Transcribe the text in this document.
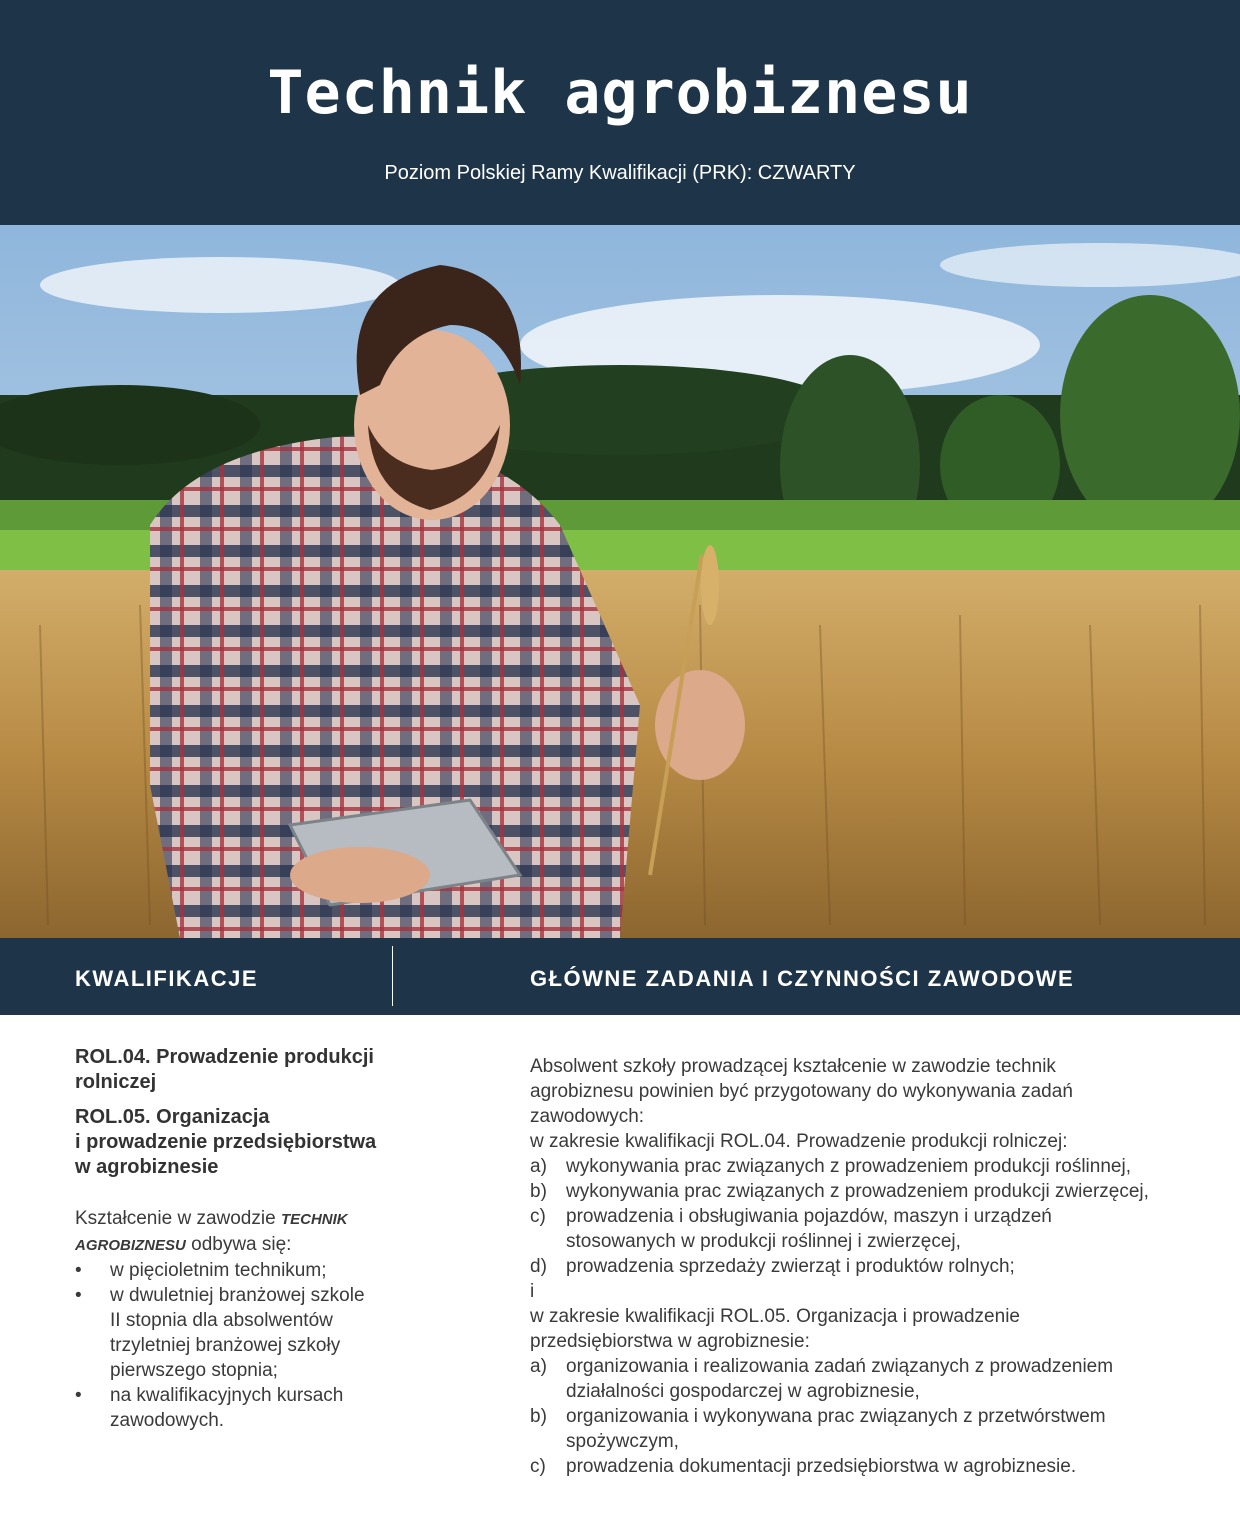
Technik agrobiznesu
Poziom Polskiej Ramy Kwalifikacji (PRK): CZWARTY
KWALIFIKACJE	GŁÓWNE ZADANIA I CZYNNOŚCI ZAWODOWE
ROL.04. Prowadzenie produkcji
rolniczej
ROL.05. Organizacja
i prowadzenie przedsiębiorstwa
w agrobiznesie
Kształcenie w zawodzie TECHNIK
AGROBIZNESU odbywa się:
• w pięcioletnim technikum;
• w dwuletniej branżowej szkole
II stopnia dla absolwentów
trzyletniej branżowej szkoły
pierwszego stopnia;
• na kwalifikacyjnych kursach
zawodowych.

Absolwent szkoły prowadzącej kształcenie w zawodzie technik
agrobiznesu powinien być przygotowany do wykonywania zadań
zawodowych:

w zakresie kwalifikacji ROL.04. Prowadzenie produkcji rolniczej:

a) wykonywania prac związanych z prowadzeniem produkcji roślinnej,
b) wykonywania prac związanych z prowadzeniem produkcji zwierzęcej,
c) prowadzenia i obsługiwania pojazdów, maszyn i urządzeń
stosowanych w produkcji roślinnej i zwierzęcej,
d) prowadzenia sprzedaży zwierząt i produktów rolnych;

i

w zakresie kwalifikacji ROL.05. Organizacja i prowadzenie
przedsiębiorstwa w agrobiznesie:

a) organizowania i realizowania zadań związanych z prowadzeniem
działalności gospodarczej w agrobiznesie,
b) organizowania i wykonywana prac związanych z przetwórstwem
spożywczym,
c) prowadzenia dokumentacji przedsiębiorstwa w agrobiznesie.
